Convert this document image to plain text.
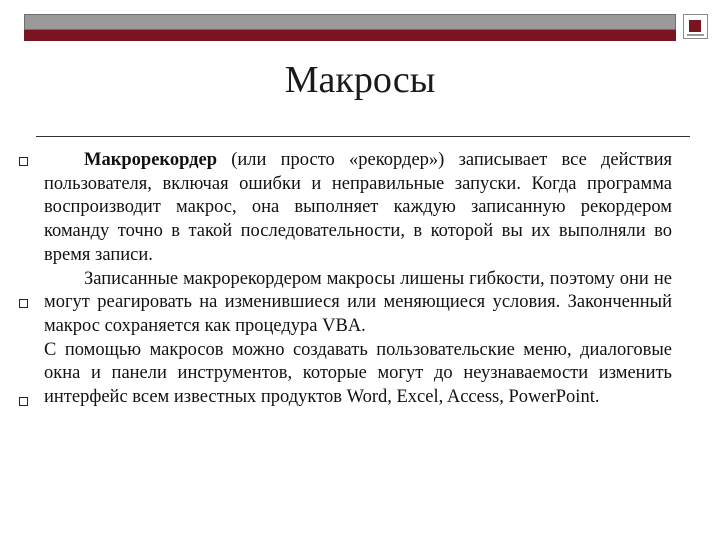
Макросы

Макрорекордер (или просто «рекордер») записывает все действия пользователя, включая ошибки и неправильные запуски. Когда программа воспроизводит макрос, она выполняет каждую записанную рекордером команду точно в такой последовательности, в которой вы их выполняли во время записи.

Записанные макрорекордером макросы лишены гибкости, поэтому они не могут реагировать на изменившиеся или меняющиеся условия. Законченный макрос сохраняется как процедура VBA.

С помощью макросов можно создавать пользовательские меню, диалоговые окна и панели инструментов, которые могут до неузнаваемости изменить интерфейс всем известных продуктов Word, Excel, Access, PowerPoint.
